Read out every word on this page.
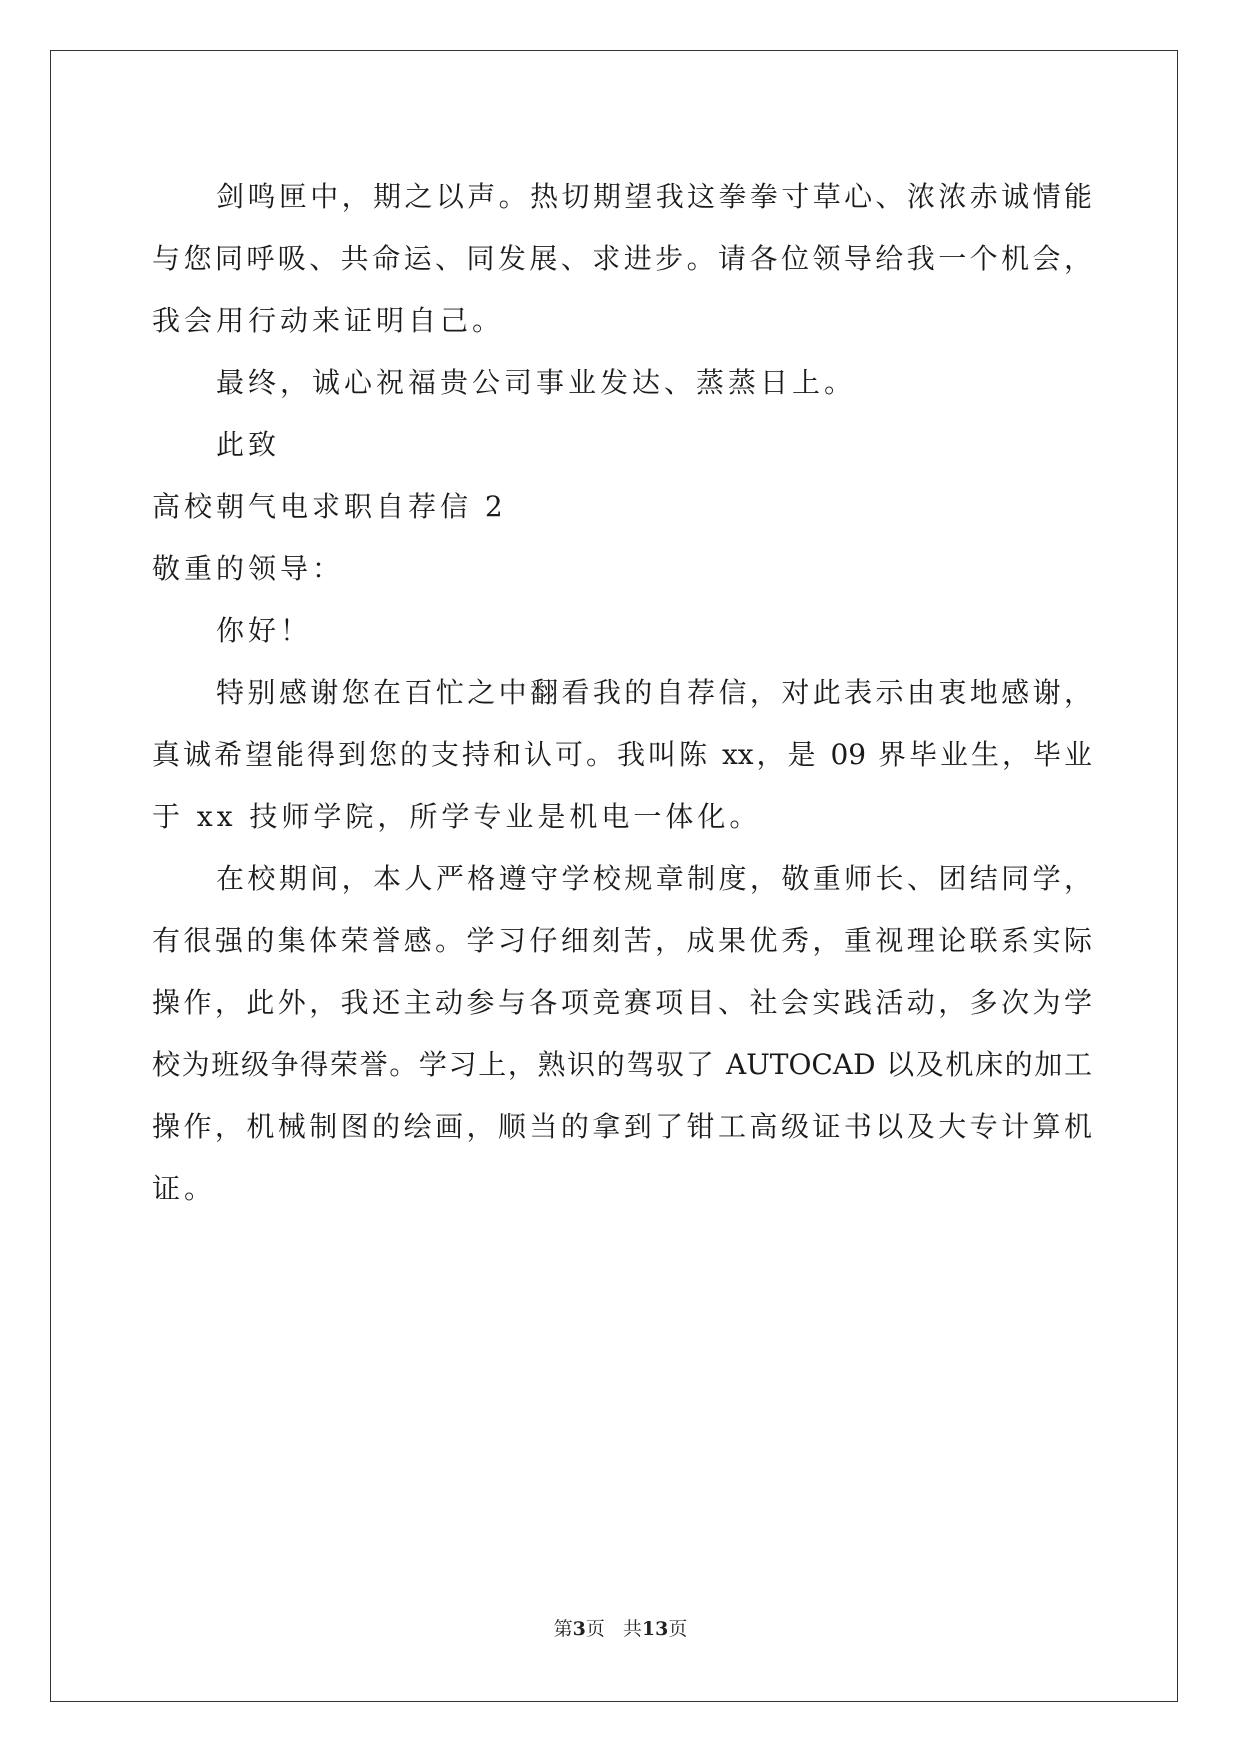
剑鸣匣中，期之以声。热切期望我这拳拳寸草心、浓浓赤诚情能
与您同呼吸、共命运、同发展、求进步。请各位领导给我一个机会，
我会用行动来证明自己。
最终，诚心祝福贵公司事业发达、蒸蒸日上。
此致
高校朝气电求职自荐信 2
敬重的领导：
你好！
特别感谢您在百忙之中翻看我的自荐信，对此表示由衷地感谢，
真诚希望能得到您的支持和认可。我叫陈 xx，是 09 界毕业生，毕业
于 xx 技师学院，所学专业是机电一体化。
在校期间，本人严格遵守学校规章制度，敬重师长、团结同学，
有很强的集体荣誉感。学习仔细刻苦，成果优秀，重视理论联系实际
操作，此外，我还主动参与各项竞赛项目、社会实践活动，多次为学
校为班级争得荣誉。学习上，熟识的驾驭了 AUTOCAD 以及机床的加工
操作，机械制图的绘画，顺当的拿到了钳工高级证书以及大专计算机
证。
第3页 共13页
